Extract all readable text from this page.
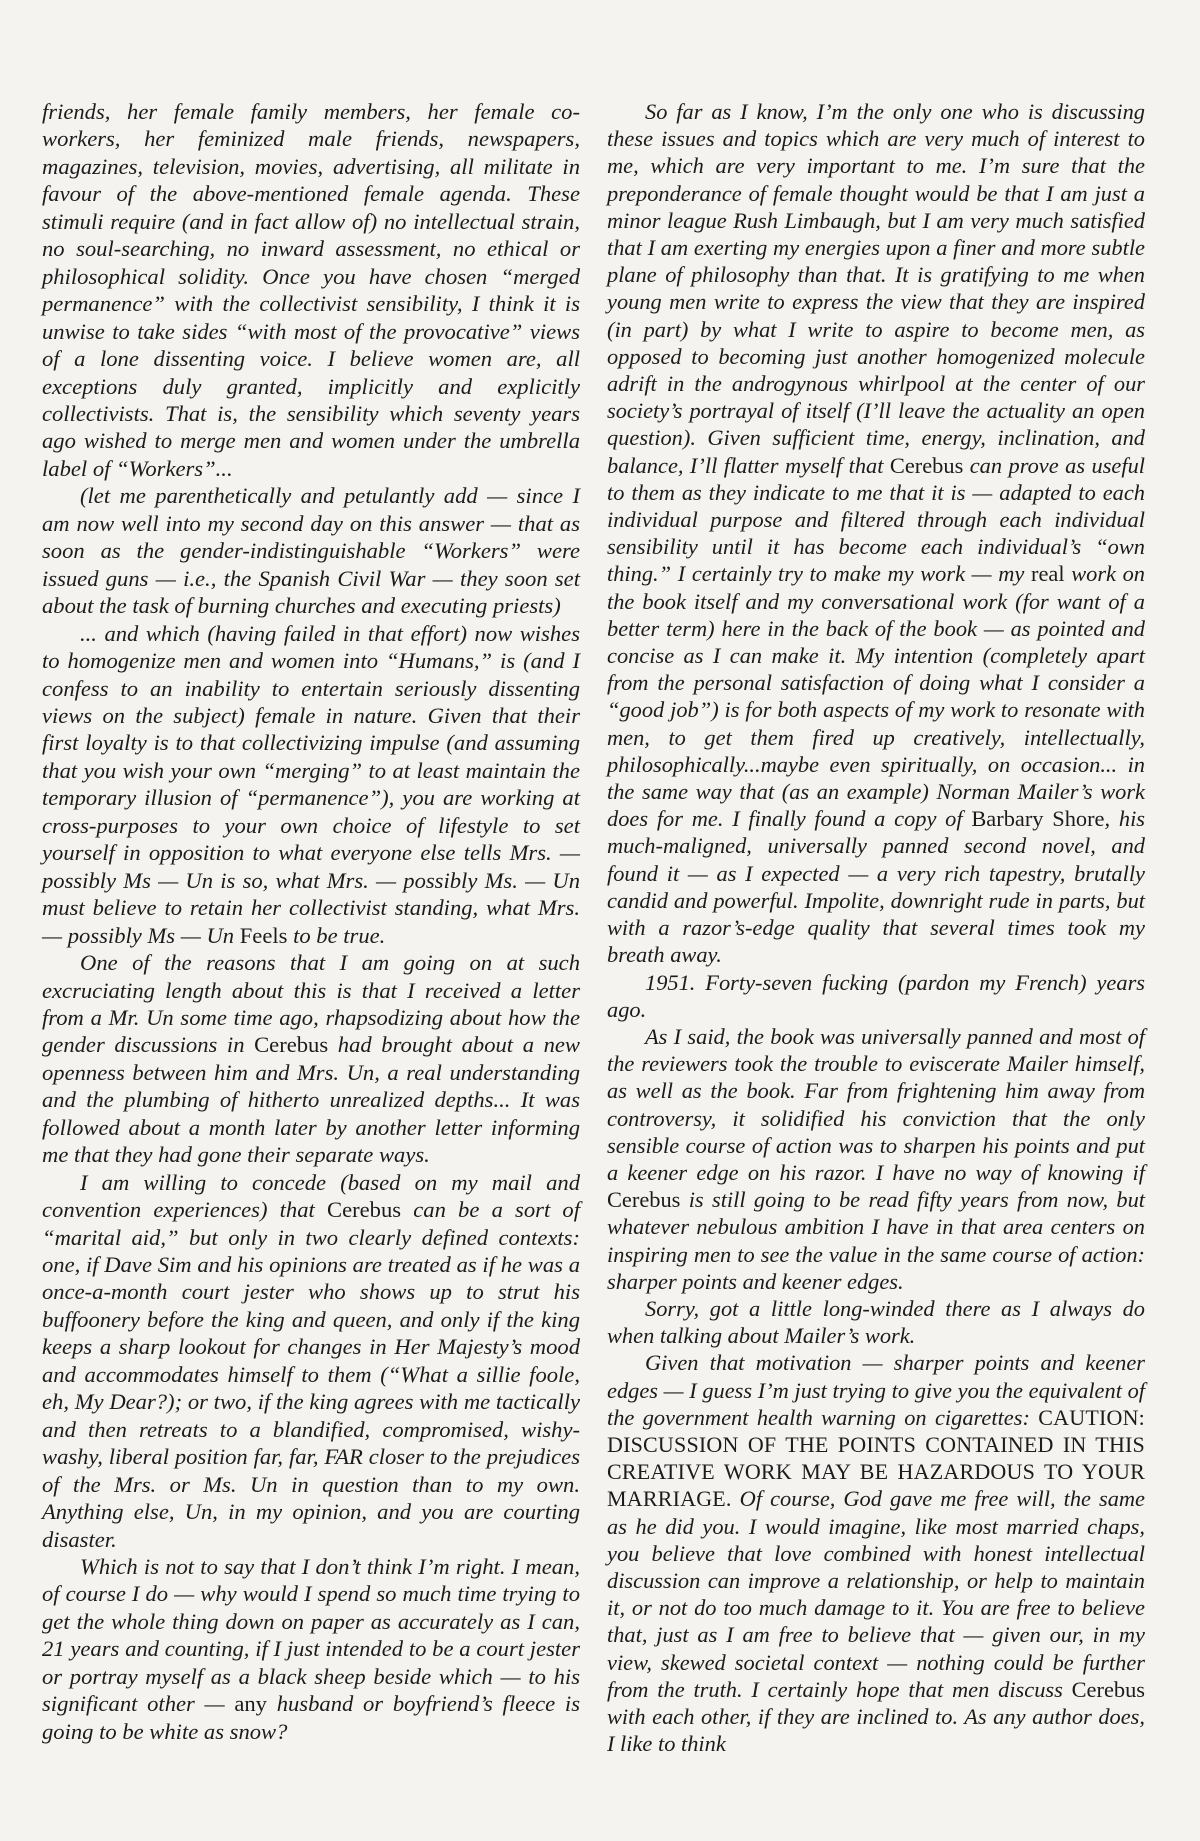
friends, her female family members, her female co-workers, her feminized male friends, newspapers, magazines, television, movies, advertising, all militate in favour of the above-mentioned female agenda. These stimuli require (and in fact allow of) no intellectual strain, no soul-searching, no inward assessment, no ethical or philosophical solidity. Once you have chosen “merged permanence” with the collectivist sensibility, I think it is unwise to take sides “with most of the provocative” views of a lone dissenting voice. I believe women are, all exceptions duly granted, implicitly and explicitly collectivists. That is, the sensibility which seventy years ago wished to merge men and women under the umbrella label of “Workers”...

(let me parenthetically and petulantly add — since I am now well into my second day on this answer — that as soon as the gender-indistinguishable “Workers” were issued guns — i.e., the Spanish Civil War — they soon set about the task of burning churches and executing priests)

... and which (having failed in that effort) now wishes to homogenize men and women into “Humans,” is (and I confess to an inability to entertain seriously dissenting views on the subject) female in nature. Given that their first loyalty is to that collectivizing impulse (and assuming that you wish your own “merging” to at least maintain the temporary illusion of “permanence”), you are working at cross-purposes to your own choice of lifestyle to set yourself in opposition to what everyone else tells Mrs. — possibly Ms — Un is so, what Mrs. — possibly Ms. — Un must believe to retain her collectivist standing, what Mrs. — possibly Ms — Un Feels to be true.

One of the reasons that I am going on at such excruciating length about this is that I received a letter from a Mr. Un some time ago, rhapsodizing about how the gender discussions in Cerebus had brought about a new openness between him and Mrs. Un, a real understanding and the plumbing of hitherto unrealized depths... It was followed about a month later by another letter informing me that they had gone their separate ways.

I am willing to concede (based on my mail and convention experiences) that Cerebus can be a sort of “marital aid,” but only in two clearly defined contexts: one, if Dave Sim and his opinions are treated as if he was a once-a-month court jester who shows up to strut his buffoonery before the king and queen, and only if the king keeps a sharp lookout for changes in Her Majesty’s mood and accommodates himself to them (“What a sillie foole, eh, My Dear?); or two, if the king agrees with me tactically and then retreats to a blandified, compromised, wishy-washy, liberal position far, far, FAR closer to the prejudices of the Mrs. or Ms. Un in question than to my own. Anything else, Un, in my opinion, and you are courting disaster.

Which is not to say that I don’t think I’m right. I mean, of course I do — why would I spend so much time trying to get the whole thing down on paper as accurately as I can, 21 years and counting, if I just intended to be a court jester or portray myself as a black sheep beside which — to his significant other — any husband or boyfriend’s fleece is going to be white as snow?

So far as I know, I’m the only one who is discussing these issues and topics which are very much of interest to me, which are very important to me. I’m sure that the preponderance of female thought would be that I am just a minor league Rush Limbaugh, but I am very much satisfied that I am exerting my energies upon a finer and more subtle plane of philosophy than that. It is gratifying to me when young men write to express the view that they are inspired (in part) by what I write to aspire to become men, as opposed to becoming just another homogenized molecule adrift in the androgynous whirlpool at the center of our society’s portrayal of itself (I’ll leave the actuality an open question). Given sufficient time, energy, inclination, and balance, I’ll flatter myself that Cerebus can prove as useful to them as they indicate to me that it is — adapted to each individual purpose and filtered through each individual sensibility until it has become each individual’s “own thing.” I certainly try to make my work — my real work on the book itself and my conversational work (for want of a better term) here in the back of the book — as pointed and concise as I can make it. My intention (completely apart from the personal satisfaction of doing what I consider a “good job”) is for both aspects of my work to resonate with men, to get them fired up creatively, intellectually, philosophically...maybe even spiritually, on occasion... in the same way that (as an example) Norman Mailer’s work does for me. I finally found a copy of Barbary Shore, his much-maligned, universally panned second novel, and found it — as I expected — a very rich tapestry, brutally candid and powerful. Impolite, downright rude in parts, but with a razor’s-edge quality that several times took my breath away.

1951. Forty-seven fucking (pardon my French) years ago.

As I said, the book was universally panned and most of the reviewers took the trouble to eviscerate Mailer himself, as well as the book. Far from frightening him away from controversy, it solidified his conviction that the only sensible course of action was to sharpen his points and put a keener edge on his razor. I have no way of knowing if Cerebus is still going to be read fifty years from now, but whatever nebulous ambition I have in that area centers on inspiring men to see the value in the same course of action: sharper points and keener edges.

Sorry, got a little long-winded there as I always do when talking about Mailer’s work.

Given that motivation — sharper points and keener edges — I guess I’m just trying to give you the equivalent of the government health warning on cigarettes: CAUTION: DISCUSSION OF THE POINTS CONTAINED IN THIS CREATIVE WORK MAY BE HAZARDOUS TO YOUR MARRIAGE. Of course, God gave me free will, the same as he did you. I would imagine, like most married chaps, you believe that love combined with honest intellectual discussion can improve a relationship, or help to maintain it, or not do too much damage to it. You are free to believe that, just as I am free to believe that — given our, in my view, skewed societal context — nothing could be further from the truth. I certainly hope that men discuss Cerebus with each other, if they are inclined to. As any author does, I like to think
